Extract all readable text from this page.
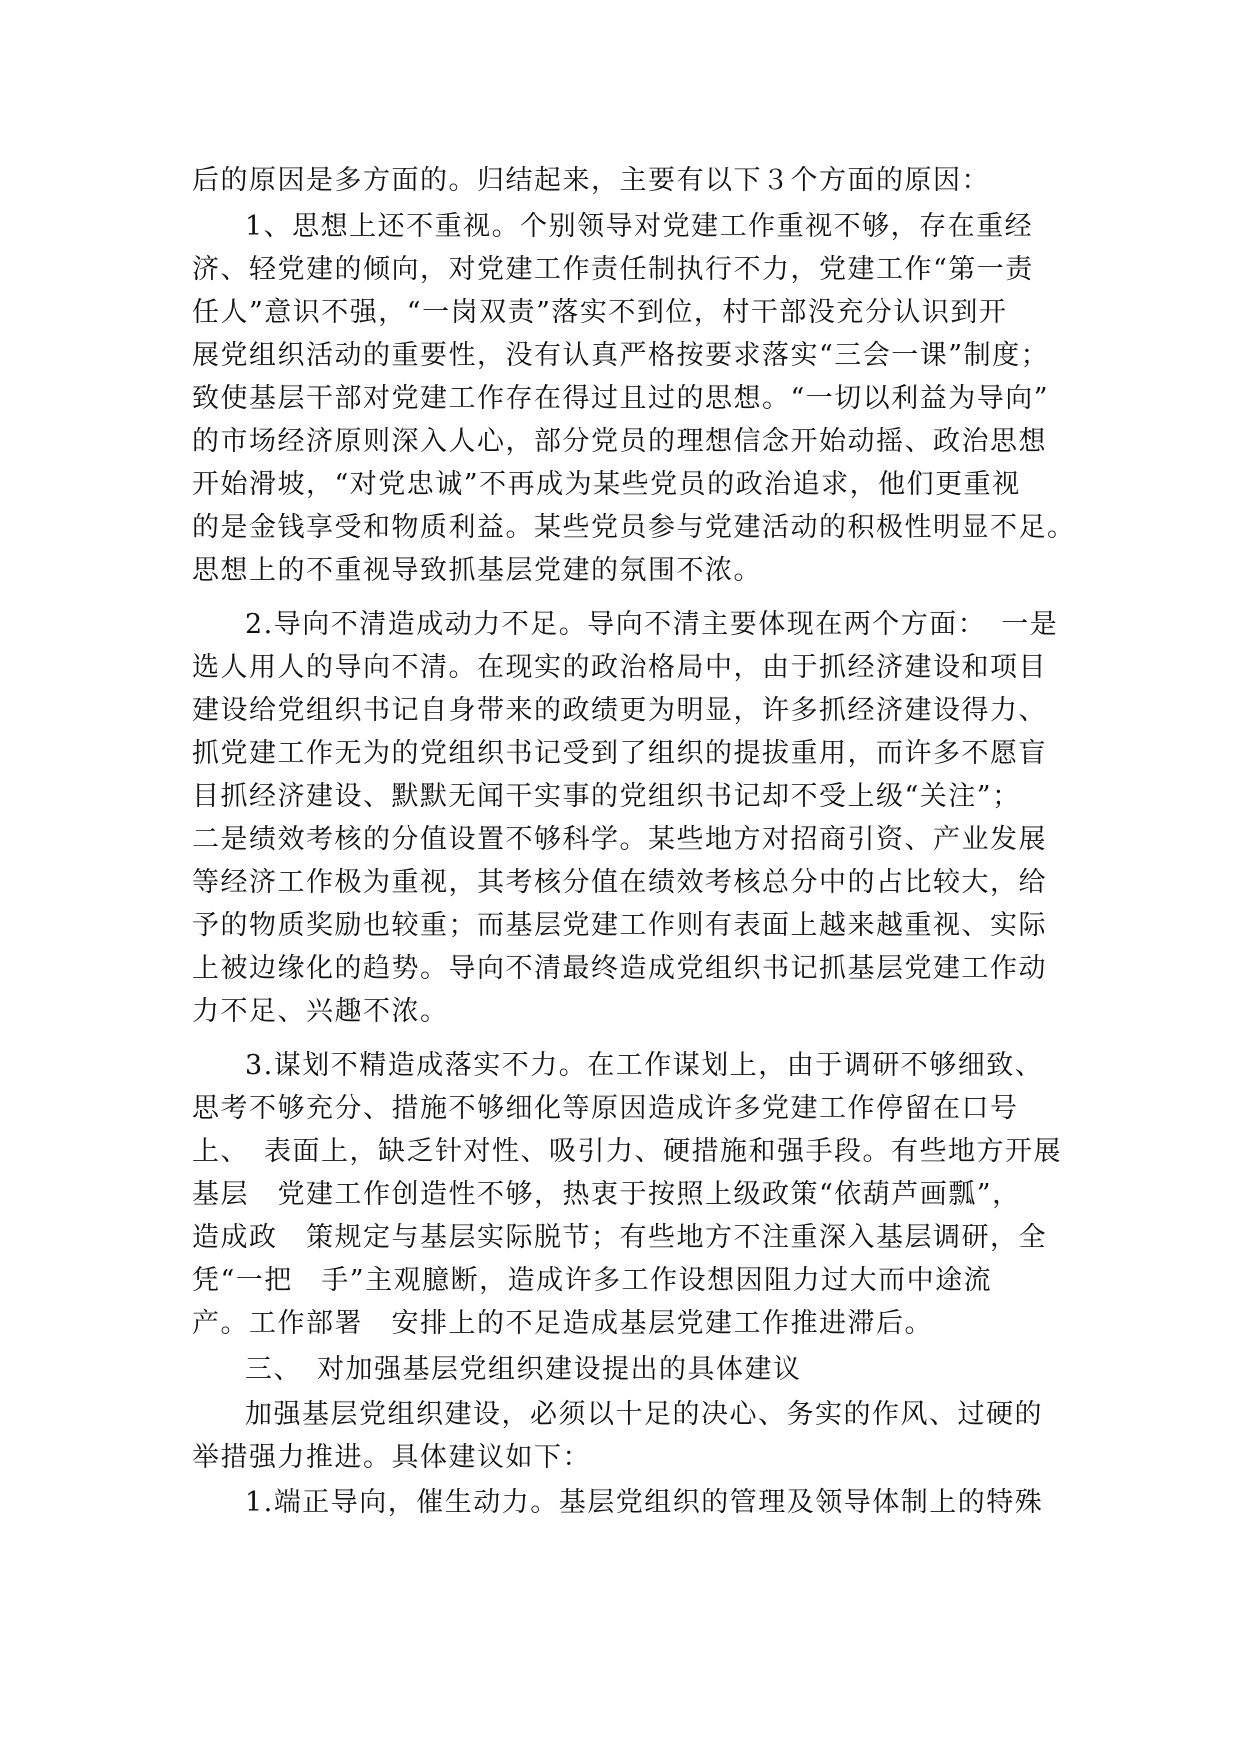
后的原因是多方面的。归结起来，主要有以下３个方面的原因：
1、思想上还不重视。个别领导对党建工作重视不够，存在重经
济、轻党建的倾向，对党建工作责任制执行不力，党建工作“第一责
任人”意识不强，“一岗双责”落实不到位，村干部没充分认识到开
展党组织活动的重要性，没有认真严格按要求落实“三会一课”制度；
致使基层干部对党建工作存在得过且过的思想。“一切以利益为导向”
的市场经济原则深入人心，部分党员的理想信念开始动摇、政治思想
开始滑坡，“对党忠诚”不再成为某些党员的政治追求，他们更重视
的是金钱享受和物质利益。某些党员参与党建活动的积极性明显不足。
思想上的不重视导致抓基层党建的氛围不浓。
2.导向不清造成动力不足。导向不清主要体现在两个方面：　一是
选人用人的导向不清。在现实的政治格局中，由于抓经济建设和项目
建设给党组织书记自身带来的政绩更为明显，许多抓经济建设得力、
抓党建工作无为的党组织书记受到了组织的提拔重用，而许多不愿盲
目抓经济建设、默默无闻干实事的党组织书记却不受上级“关注”；
二是绩效考核的分值设置不够科学。某些地方对招商引资、产业发展
等经济工作极为重视，其考核分值在绩效考核总分中的占比较大，给
予的物质奖励也较重；而基层党建工作则有表面上越来越重视、实际
上被边缘化的趋势。导向不清最终造成党组织书记抓基层党建工作动
力不足、兴趣不浓。
3.谋划不精造成落实不力。在工作谋划上，由于调研不够细致、
思考不够充分、措施不够细化等原因造成许多党建工作停留在口号
上、　表面上，缺乏针对性、吸引力、硬措施和强手段。有些地方开展
基层　党建工作创造性不够，热衷于按照上级政策“依葫芦画瓢”，
造成政　策规定与基层实际脱节；有些地方不注重深入基层调研，全
凭“一把　手”主观臆断，造成许多工作设想因阻力过大而中途流
产。工作部署　安排上的不足造成基层党建工作推进滞后。
三、　对加强基层党组织建设提出的具体建议
加强基层党组织建设，必须以十足的决心、务实的作风、过硬的
举措强力推进。具体建议如下：
1.端正导向，催生动力。基层党组织的管理及领导体制上的特殊
